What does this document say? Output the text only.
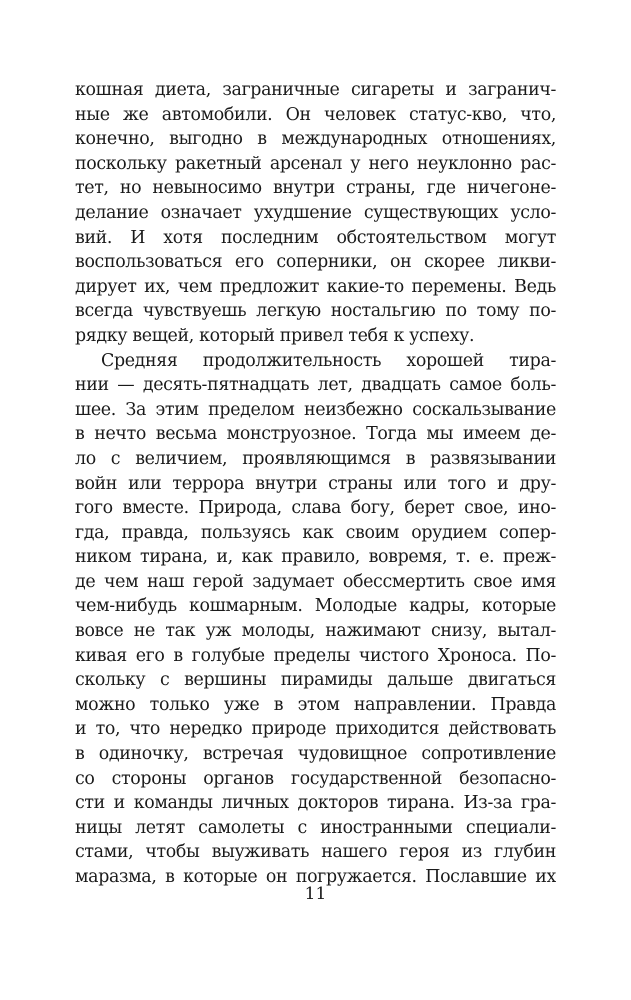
кошная диета, заграничные сигареты и загранич-
ные же автомобили. Он человек статус-кво, что,
конечно, выгодно в международных отношениях,
поскольку ракетный арсенал у него неуклонно рас-
тет, но невыносимо внутри страны, где ничегоне-
делание означает ухудшение существующих усло-
вий. И хотя последним обстоятельством могут
воспользоваться его соперники, он скорее ликви-
дирует их, чем предложит какие-то перемены. Ведь
всегда чувствуешь легкую ностальгию по тому по-
рядку вещей, который привел тебя к успеху.
Средняя продолжительность хорошей тира-
нии — десять-пятнадцать лет, двадцать самое боль-
шее. За этим пределом неизбежно соскальзывание
в нечто весьма монструозное. Тогда мы имеем де-
ло с величием, проявляющимся в развязывании
войн или террора внутри страны или того и дру-
гого вместе. Природа, слава богу, берет свое, ино-
гда, правда, пользуясь как своим орудием сопер-
ником тирана, и, как правило, вовремя, т. е. преж-
де чем наш герой задумает обессмертить свое имя
чем-нибудь кошмарным. Молодые кадры, которые
вовсе не так уж молоды, нажимают снизу, вытал-
кивая его в голубые пределы чистого Хроноса. По-
скольку с вершины пирамиды дальше двигаться
можно только уже в этом направлении. Правда
и то, что нередко природе приходится действовать
в одиночку, встречая чудовищное сопротивление
со стороны органов государственной безопасно-
сти и команды личных докторов тирана. Из-за гра-
ницы летят самолеты с иностранными специали-
стами, чтобы выуживать нашего героя из глубин
маразма, в которые он погружается. Пославшие их
11
